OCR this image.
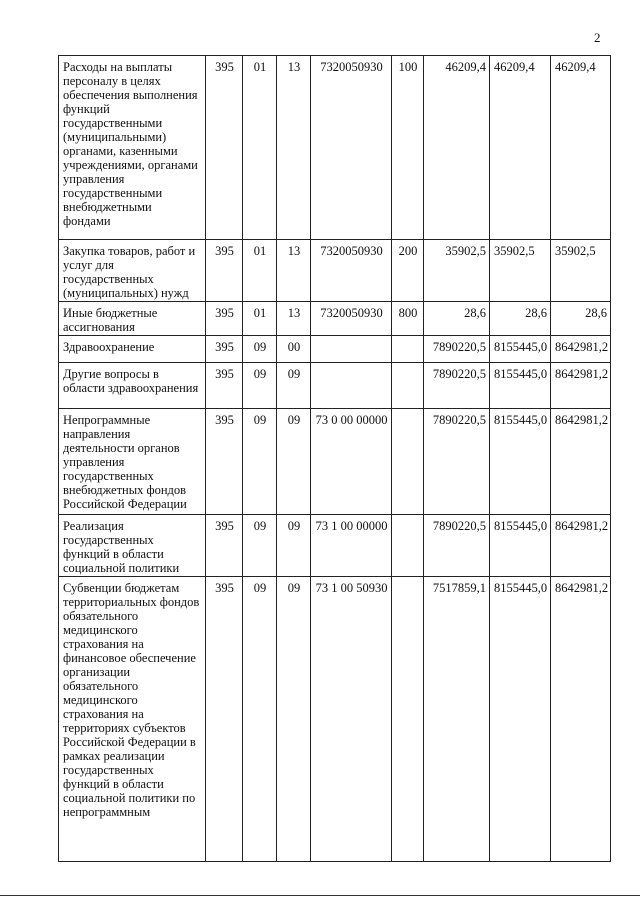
2
Расходы на выплаты персоналу в целях обеспечения выполнения функций государственными (муниципальными) органами, казенными учреждениями, органами управления государственными внебюджетными фондами	395	01	13	7320050930	100	46209,4	46209,4	46209,4
Закупка товаров, работ и услуг для государственных (муниципальных) нужд	395	01	13	7320050930	200	35902,5	35902,5	35902,5
Иные бюджетные ассигнования	395	01	13	7320050930	800	28,6	28,6	28,6
Здравоохранение	395	09	00			7890220,5	8155445,0	8642981,2
Другие вопросы в области здравоохранения	395	09	09			7890220,5	8155445,0	8642981,2
Непрограммные направления деятельности органов управления государственных внебюджетных фондов Российской Федерации	395	09	09	73 0 00 00000		7890220,5	8155445,0	8642981,2
Реализация государственных функций в области социальной политики	395	09	09	73 1 00 00000		7890220,5	8155445,0	8642981,2
Субвенции бюджетам территориальных фондов обязательного медицинского страхования на финансовое обеспечение организации обязательного медицинского страхования на территориях субъектов Российской Федерации в рамках реализации государственных функций в области социальной политики по непрограммным	395	09	09	73 1 00 50930		7517859,1	8155445,0	8642981,2
